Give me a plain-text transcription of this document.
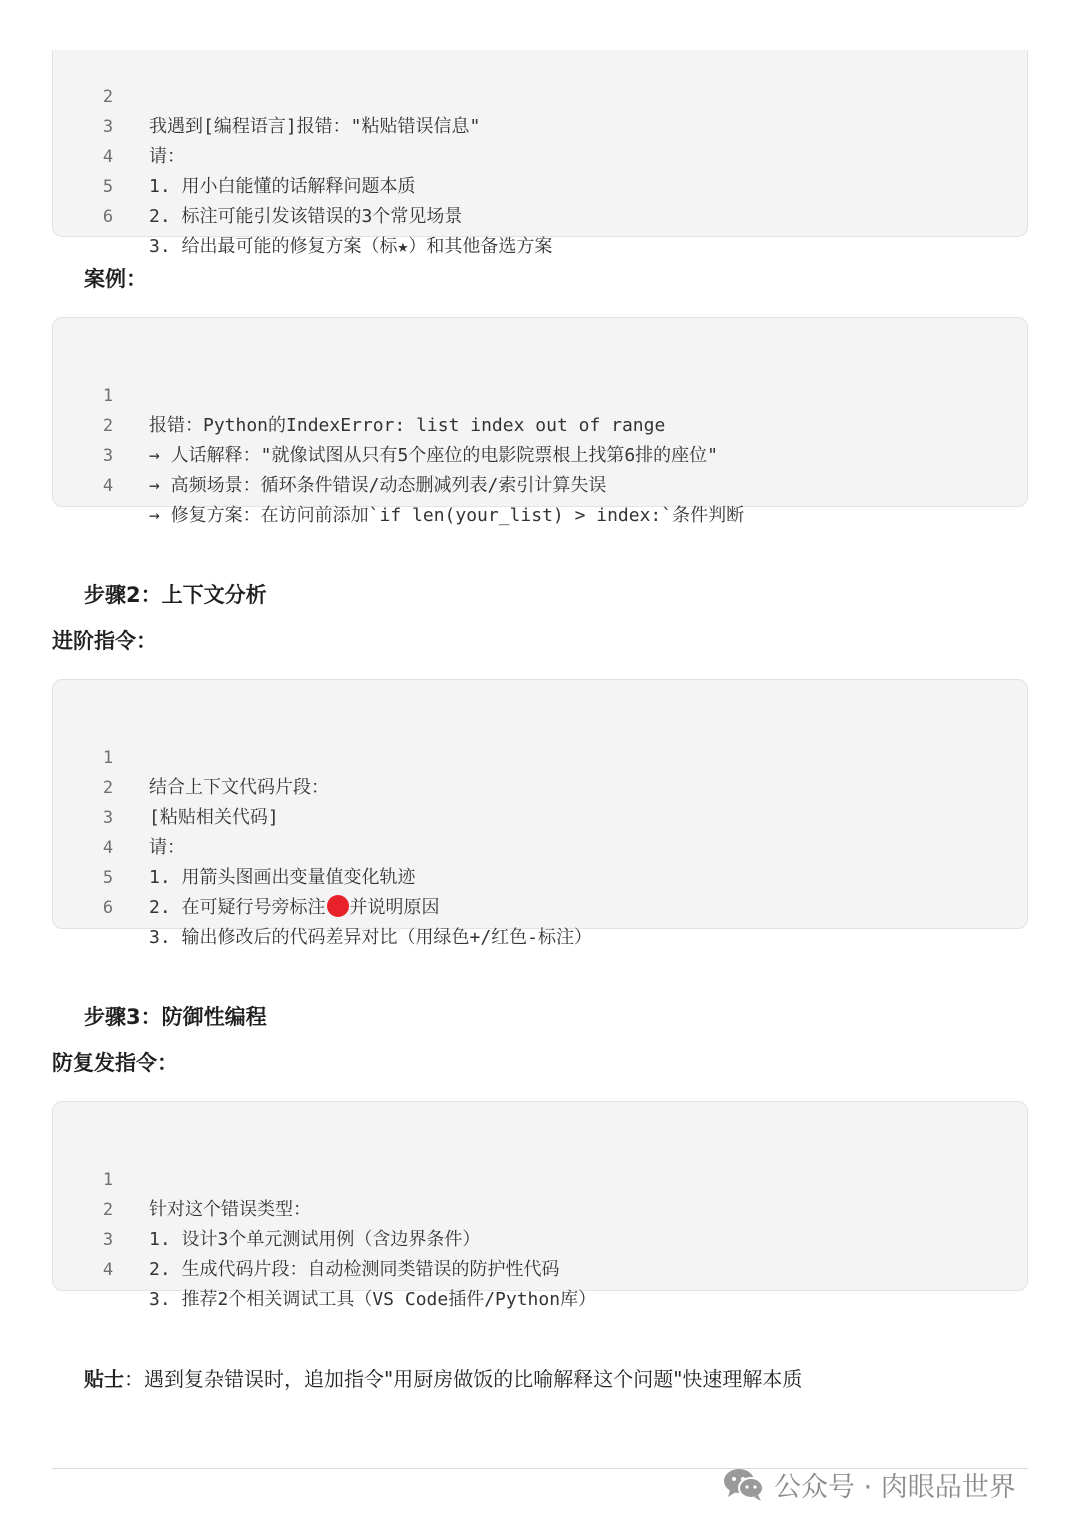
2

我遇到[编程语言]报错："粘贴错误信息"

3

请：

4

1. 用小白能懂的话解释问题本质

5

2. 标注可能引发该错误的3个常见场景

6

3. 给出最可能的修复方案（标★）和其他备选方案

案例：

1

报错：Python的IndexError: list index out of range

2

→ 人话解释："就像试图从只有5个座位的电影院票根上找第6排的座位"

3

→ 高频场景：循环条件错误/动态删减列表/索引计算失误

4

→ 修复方案：在访问前添加`if len(your_list) > index:`条件判断

步骤2：上下文分析
进阶指令：

1

结合上下文代码片段：

2

[粘贴相关代码]

3

请：

4

1. 用箭头图画出变量值变化轨迹

5

2. 在可疑行号旁标注 并说明原因

6

3. 输出修改后的代码差异对比（用绿色+/红色-标注）

步骤3：防御性编程
防复发指令：

1

针对这个错误类型：

2

1. 设计3个单元测试用例（含边界条件）

3

2. 生成代码片段：自动检测同类错误的防护性代码

4

3. 推荐2个相关调试工具（VS Code插件/Python库）

贴士：遇到复杂错误时，追加指令"用厨房做饭的比喻解释这个问题"快速理解本质
公众号 · 肉眼品世界
